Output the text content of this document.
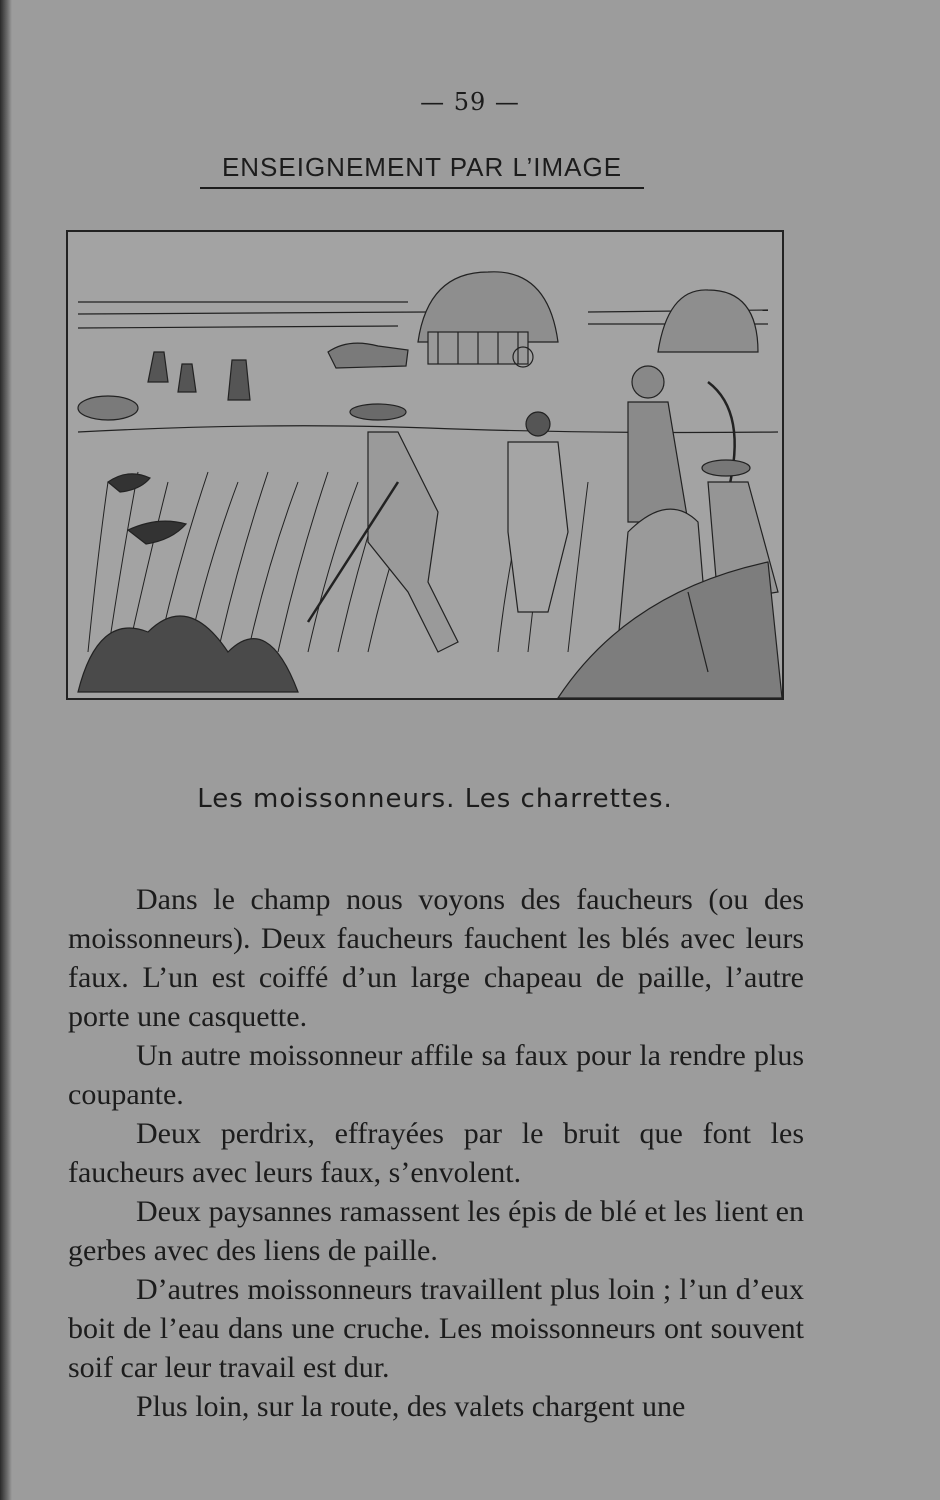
— 59 —
ENSEIGNEMENT PAR L’IMAGE
Les moissonneurs. Les charrettes.

Dans le champ nous voyons des faucheurs (ou des moissonneurs). Deux faucheurs fauchent les blés avec leurs faux. L’un est coiffé d’un large chapeau de paille, l’autre porte une casquette.

Un autre moissonneur affile sa faux pour la rendre plus coupante.

Deux perdrix, effrayées par le bruit que font les faucheurs avec leurs faux, s’envolent.

Deux paysannes ramassent les épis de blé et les lient en gerbes avec des liens de paille.

D’autres moissonneurs travaillent plus loin ; l’un d’eux boit de l’eau dans une cruche. Les moissonneurs ont souvent soif car leur travail est dur.

Plus loin, sur la route, des valets chargent une
